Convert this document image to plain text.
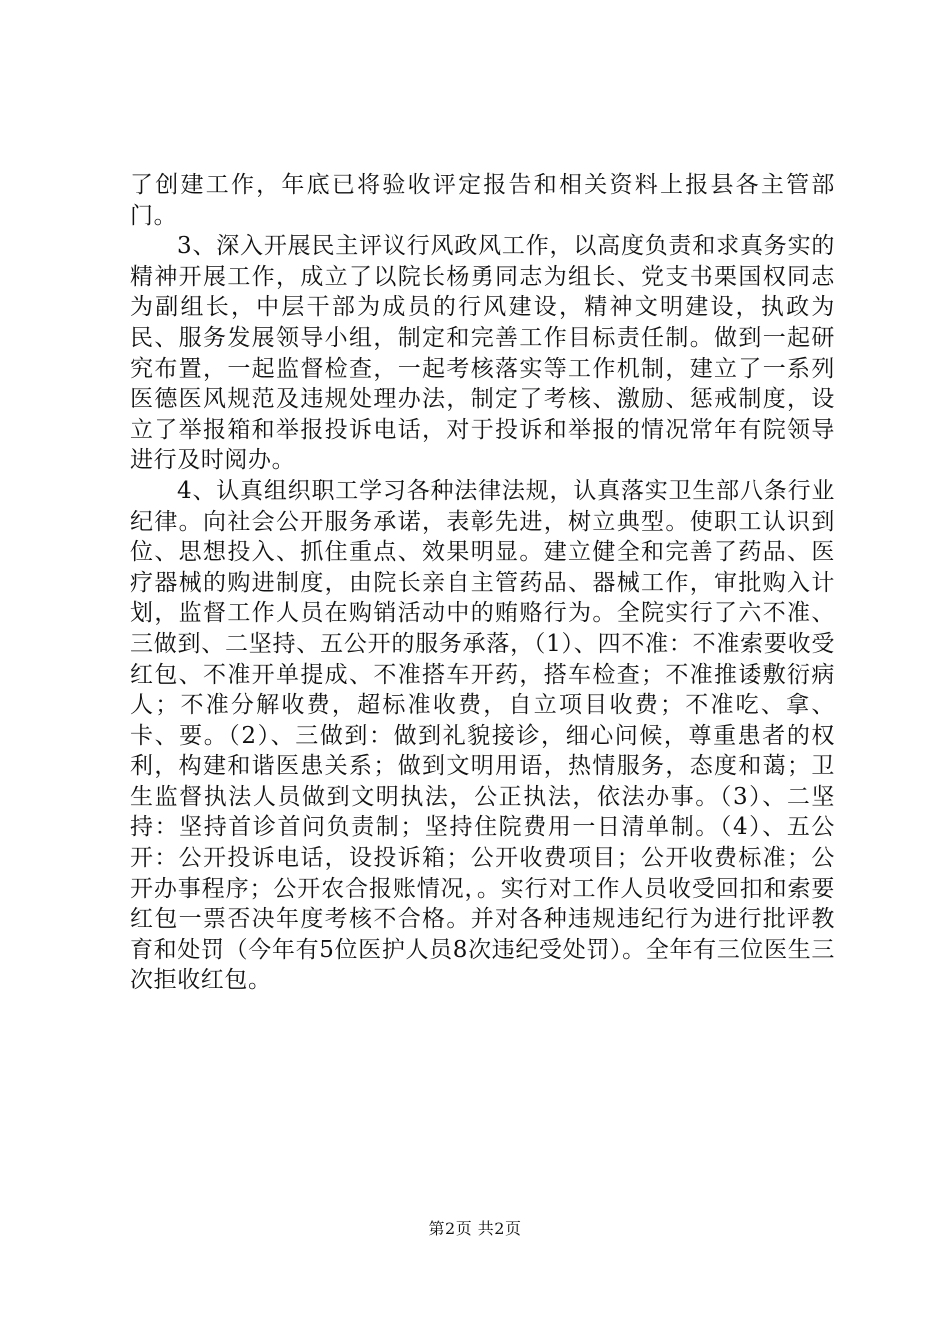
了创建工作，年底已将验收评定报告和相关资料上报县各主管部门。

3、深入开展民主评议行风政风工作，以高度负责和求真务实的精神开展工作，成立了以院长杨勇同志为组长、党支书栗国权同志为副组长，中层干部为成员的行风建设，精神文明建设，执政为民、服务发展领导小组，制定和完善工作目标责任制。做到一起研究布置，一起监督检查，一起考核落实等工作机制，建立了一系列医德医风规范及违规处理办法，制定了考核、激励、惩戒制度，设立了举报箱和举报投诉电话，对于投诉和举报的情况常年有院领导进行及时阅办。

4、认真组织职工学习各种法律法规，认真落实卫生部八条行业纪律。向社会公开服务承诺，表彰先进，树立典型。使职工认识到位、思想投入、抓住重点、效果明显。建立健全和完善了药品、医疗器械的购进制度，由院长亲自主管药品、器械工作，审批购入计划，监督工作人员在购销活动中的贿赂行为。全院实行了六不准、三做到、二坚持、五公开的服务承落，（1）、四不准：不准索要收受红包、不准开单提成、不准搭车开药，搭车检查；不准推诿敷衍病人；不准分解收费，超标准收费，自立项目收费；不准吃、拿、卡、要。（2）、三做到：做到礼貌接诊，细心问候，尊重患者的权利，构建和谐医患关系；做到文明用语，热情服务，态度和蔼；卫生监督执法人员做到文明执法，公正执法，依法办事。（3）、二坚持：坚持首诊首问负责制；坚持住院费用一日清单制。（4）、五公开：公开投诉电话，设投诉箱；公开收费项目；公开收费标准；公开办事程序；公开农合报账情况，。实行对工作人员收受回扣和索要红包一票否决年度考核不合格。并对各种违规违纪行为进行批评教育和处罚（今年有5位医护人员8次违纪受处罚）。全年有三位医生三次拒收红包。

第2页 共2页
